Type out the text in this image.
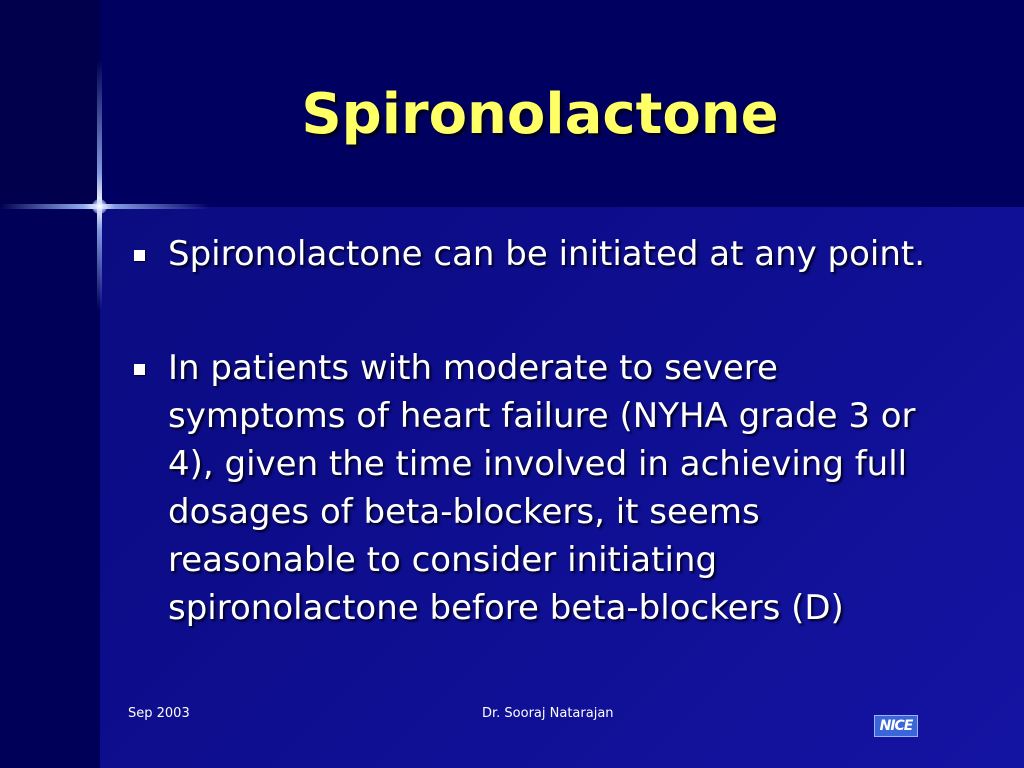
Spironolactone
Spironolactone can be initiated at any point.
In patients with moderate to severe symptoms of heart failure (NYHA grade 3 or 4), given the time involved in achieving full dosages of beta-blockers, it seems reasonable to consider initiating spironolactone before beta-blockers (D)
Sep 2003	Dr. Sooraj Natarajan
NICE
